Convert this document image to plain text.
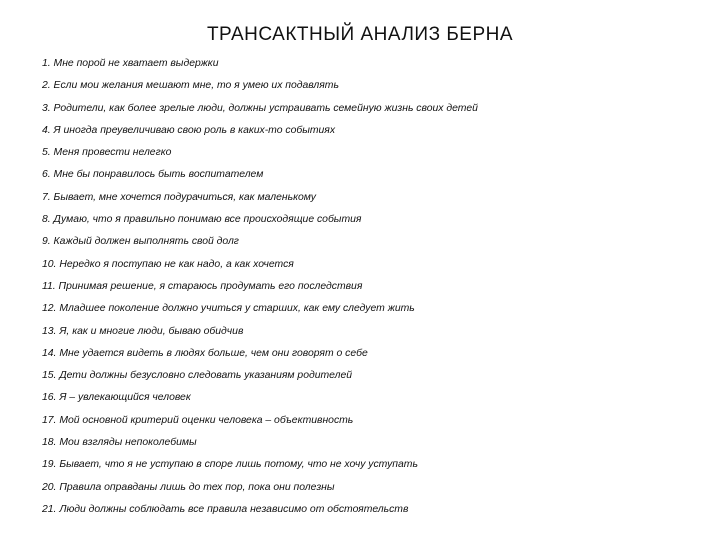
ТРАНСАКТНЫЙ АНАЛИЗ БЕРНА
1. Мне порой не хватает выдержки
2. Если мои желания мешают мне, то я умею их подавлять
3. Родители, как более зрелые люди, должны устраивать семейную жизнь своих детей
4. Я иногда преувеличиваю свою роль в каких-то событиях
5. Меня провести нелегко
6. Мне бы понравилось быть воспитателем
7. Бывает, мне хочется подурачиться, как маленькому
8. Думаю, что я правильно понимаю все происходящие события
9. Каждый должен выполнять свой долг
10. Нередко я поступаю не как надо, а как хочется
11. Принимая решение, я стараюсь продумать его последствия
12. Младшее поколение должно учиться у старших, как ему следует жить
13. Я, как и многие люди, бываю обидчив
14. Мне удается видеть в людях больше, чем они говорят о себе
15. Дети должны безусловно следовать указаниям родителей
16. Я – увлекающийся человек
17. Мой основной критерий оценки человека – объективность
18. Мои взгляды непоколебимы
19. Бывает, что я не уступаю в споре лишь потому, что не хочу уступать
20. Правила оправданы лишь до тех пор, пока они полезны
21. Люди должны соблюдать все правила независимо от обстоятельств
